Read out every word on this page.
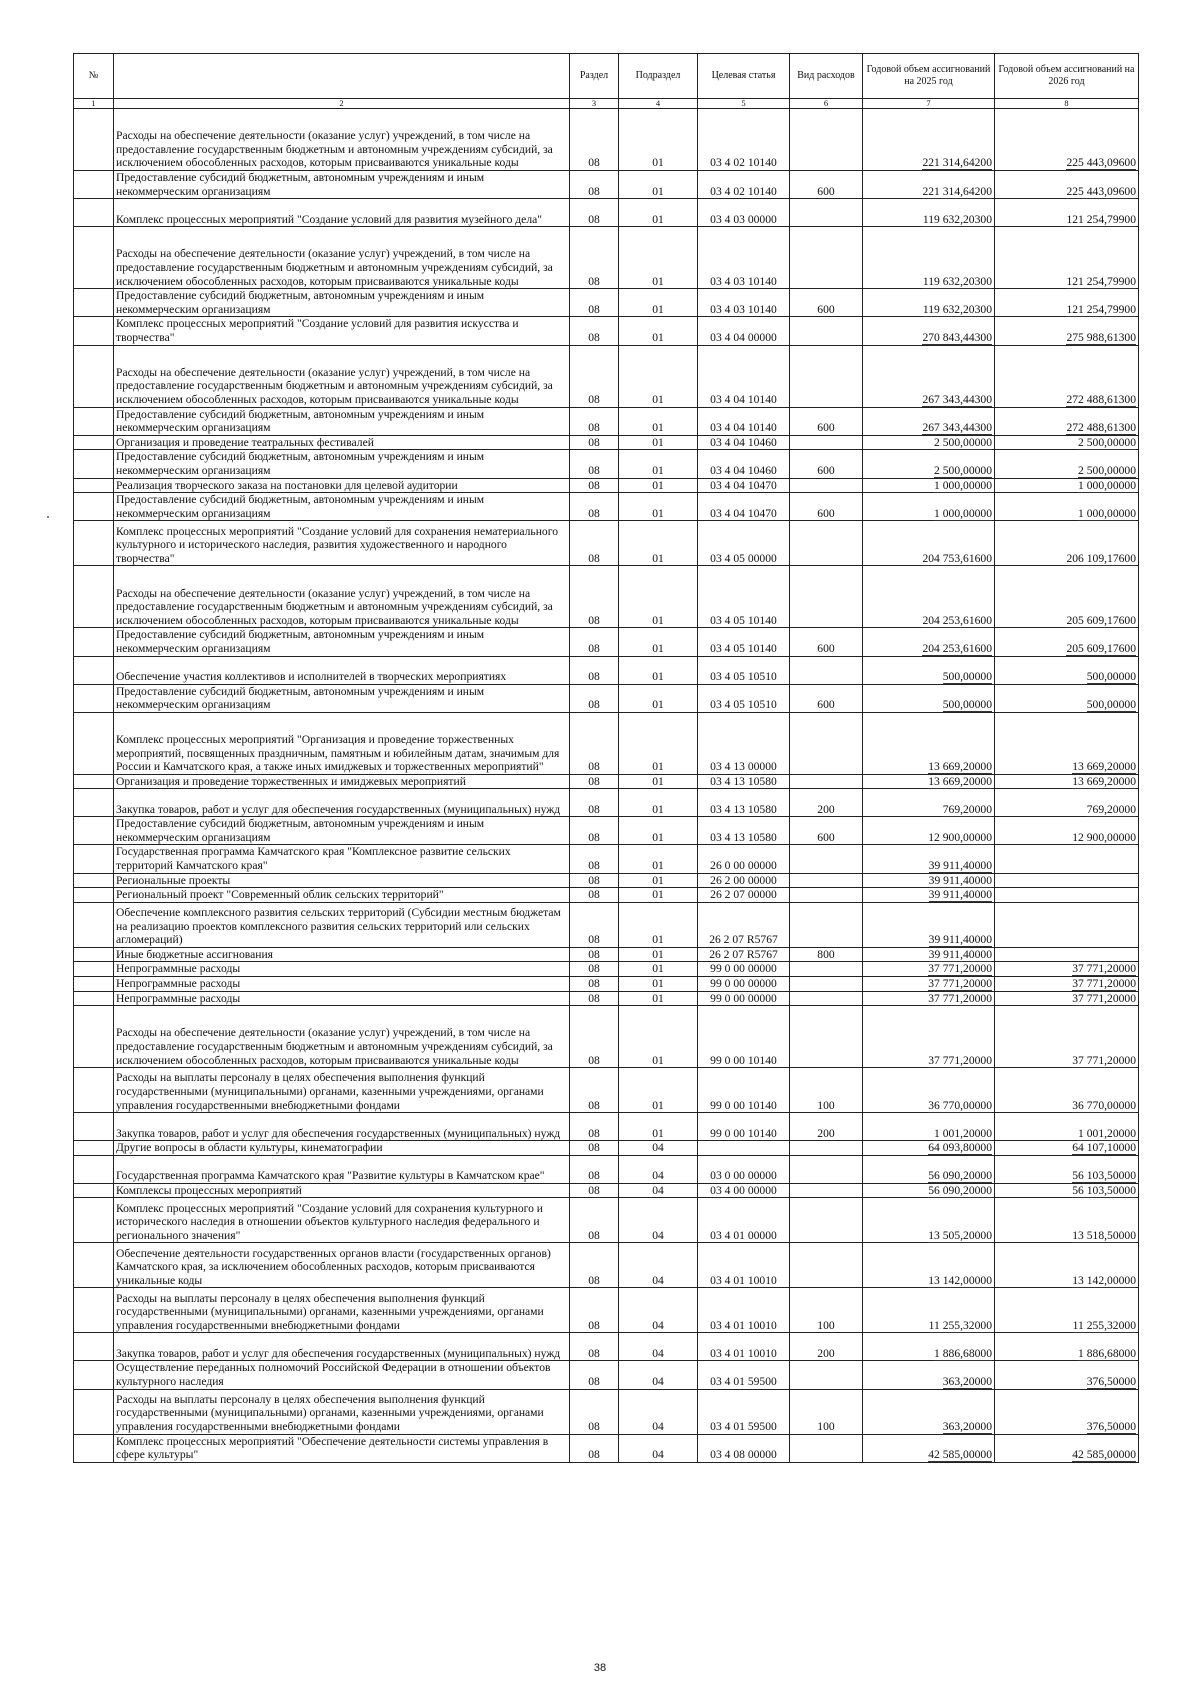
№		Раздел	Подраздел	Целевая статья	Вид расходов	Годовой объем ассигнований на 2025 год	Годовой объем ассигнований на 2026 год
1	2	3	4	5	6	7	8
	Расходы на обеспечение деятельности (оказание услуг) учреждений, в том числе на предоставление государственным бюджетным и автономным учреждениям субсидий, за исключением обособленных расходов, которым присваиваются уникальные коды	08	01	03 4 02 10140		221 314,64200	225 443,09600
	Предоставление субсидий бюджетным, автономным учреждениям и иным некоммерческим организациям	08	01	03 4 02 10140	600	221 314,64200	225 443,09600
	Комплекс процессных мероприятий "Создание условий для развития музейного дела"	08	01	03 4 03 00000		119 632,20300	121 254,79900
	Расходы на обеспечение деятельности (оказание услуг) учреждений, в том числе на предоставление государственным бюджетным и автономным учреждениям субсидий, за исключением обособленных расходов, которым присваиваются уникальные коды	08	01	03 4 03 10140		119 632,20300	121 254,79900
	Предоставление субсидий бюджетным, автономным учреждениям и иным некоммерческим организациям	08	01	03 4 03 10140	600	119 632,20300	121 254,79900
	Комплекс процессных мероприятий "Создание условий для развития искусства и творчества"	08	01	03 4 04 00000		270 843,44300	275 988,61300
	Расходы на обеспечение деятельности (оказание услуг) учреждений, в том числе на предоставление государственным бюджетным и автономным учреждениям субсидий, за исключением обособленных расходов, которым присваиваются уникальные коды	08	01	03 4 04 10140		267 343,44300	272 488,61300
	Предоставление субсидий бюджетным, автономным учреждениям и иным некоммерческим организациям	08	01	03 4 04 10140	600	267 343,44300	272 488,61300
	Организация и проведение театральных фестивалей	08	01	03 4 04 10460		2 500,00000	2 500,00000
	Предоставление субсидий бюджетным, автономным учреждениям и иным некоммерческим организациям	08	01	03 4 04 10460	600	2 500,00000	2 500,00000
	Реализация творческого заказа на постановки для целевой аудитории	08	01	03 4 04 10470		1 000,00000	1 000,00000
	Предоставление субсидий бюджетным, автономным учреждениям и иным некоммерческим организациям	08	01	03 4 04 10470	600	1 000,00000	1 000,00000
	Комплекс процессных мероприятий "Создание условий для сохранения нематериального культурного и исторического наследия, развития художественного и народного творчества"	08	01	03 4 05 00000		204 753,61600	206 109,17600
	Расходы на обеспечение деятельности (оказание услуг) учреждений, в том числе на предоставление государственным бюджетным и автономным учреждениям субсидий, за исключением обособленных расходов, которым присваиваются уникальные коды	08	01	03 4 05 10140		204 253,61600	205 609,17600
	Предоставление субсидий бюджетным, автономным учреждениям и иным некоммерческим организациям	08	01	03 4 05 10140	600	204 253,61600	205 609,17600
	Обеспечение участия коллективов и исполнителей в творческих мероприятиях	08	01	03 4 05 10510		500,00000	500,00000
	Предоставление субсидий бюджетным, автономным учреждениям и иным некоммерческим организациям	08	01	03 4 05 10510	600	500,00000	500,00000
	Комплекс процессных мероприятий "Организация и проведение торжественных мероприятий, посвященных праздничным, памятным и юбилейным датам, значимым для России и Камчатского края, а также иных имиджевых и торжественных мероприятий"	08	01	03 4 13 00000		13 669,20000	13 669,20000
	Организация и проведение торжественных и имиджевых мероприятий	08	01	03 4 13 10580		13 669,20000	13 669,20000
	Закупка товаров, работ и услуг для обеспечения государственных (муниципальных) нужд	08	01	03 4 13 10580	200	769,20000	769,20000
	Предоставление субсидий бюджетным, автономным учреждениям и иным некоммерческим организациям	08	01	03 4 13 10580	600	12 900,00000	12 900,00000
	Государственная программа Камчатского края "Комплексное развитие сельских территорий Камчатского края"	08	01	26 0 00 00000		39 911,40000	
	Региональные проекты	08	01	26 2 00 00000		39 911,40000	
	Региональный проект "Современный облик сельских территорий"	08	01	26 2 07 00000		39 911,40000	
	Обеспечение комплексного развития сельских территорий (Субсидии местным бюджетам на реализацию проектов комплексного развития сельских территорий или сельских агломераций)	08	01	26 2 07 R5767		39 911,40000	
	Иные бюджетные ассигнования	08	01	26 2 07 R5767	800	39 911,40000	
	Непрограммные расходы	08	01	99 0 00 00000		37 771,20000	37 771,20000
	Непрограммные расходы	08	01	99 0 00 00000		37 771,20000	37 771,20000
	Непрограммные расходы	08	01	99 0 00 00000		37 771,20000	37 771,20000
	Расходы на обеспечение деятельности (оказание услуг) учреждений, в том числе на предоставление государственным бюджетным и автономным учреждениям субсидий, за исключением обособленных расходов, которым присваиваются уникальные коды	08	01	99 0 00 10140		37 771,20000	37 771,20000
	Расходы на выплаты персоналу в целях обеспечения выполнения функций государственными (муниципальными) органами, казенными учреждениями, органами управления государственными внебюджетными фондами	08	01	99 0 00 10140	100	36 770,00000	36 770,00000
	Закупка товаров, работ и услуг для обеспечения государственных (муниципальных) нужд	08	01	99 0 00 10140	200	1 001,20000	1 001,20000
	Другие вопросы в области культуры, кинематографии	08	04			64 093,80000	64 107,10000
	Государственная программа Камчатского края "Развитие культуры в Камчатском крае"	08	04	03 0 00 00000		56 090,20000	56 103,50000
	Комплексы процессных мероприятий	08	04	03 4 00 00000		56 090,20000	56 103,50000
	Комплекс процессных мероприятий "Создание условий для сохранения культурного и исторического наследия в отношении объектов культурного наследия федерального и регионального значения"	08	04	03 4 01 00000		13 505,20000	13 518,50000
	Обеспечение деятельности государственных органов власти (государственных органов) Камчатского края, за исключением обособленных расходов, которым присваиваются уникальные коды	08	04	03 4 01 10010		13 142,00000	13 142,00000
	Расходы на выплаты персоналу в целях обеспечения выполнения функций государственными (муниципальными) органами, казенными учреждениями, органами управления государственными внебюджетными фондами	08	04	03 4 01 10010	100	11 255,32000	11 255,32000
	Закупка товаров, работ и услуг для обеспечения государственных (муниципальных) нужд	08	04	03 4 01 10010	200	1 886,68000	1 886,68000
	Осуществление переданных полномочий Российской Федерации в отношении объектов культурного наследия	08	04	03 4 01 59500		363,20000	376,50000
	Расходы на выплаты персоналу в целях обеспечения выполнения функций государственными (муниципальными) органами, казенными учреждениями, органами управления государственными внебюджетными фондами	08	04	03 4 01 59500	100	363,20000	376,50000
	Комплекс процессных мероприятий "Обеспечение деятельности системы управления в сфере культуры"	08	04	03 4 08 00000		42 585,00000	42 585,00000
38
